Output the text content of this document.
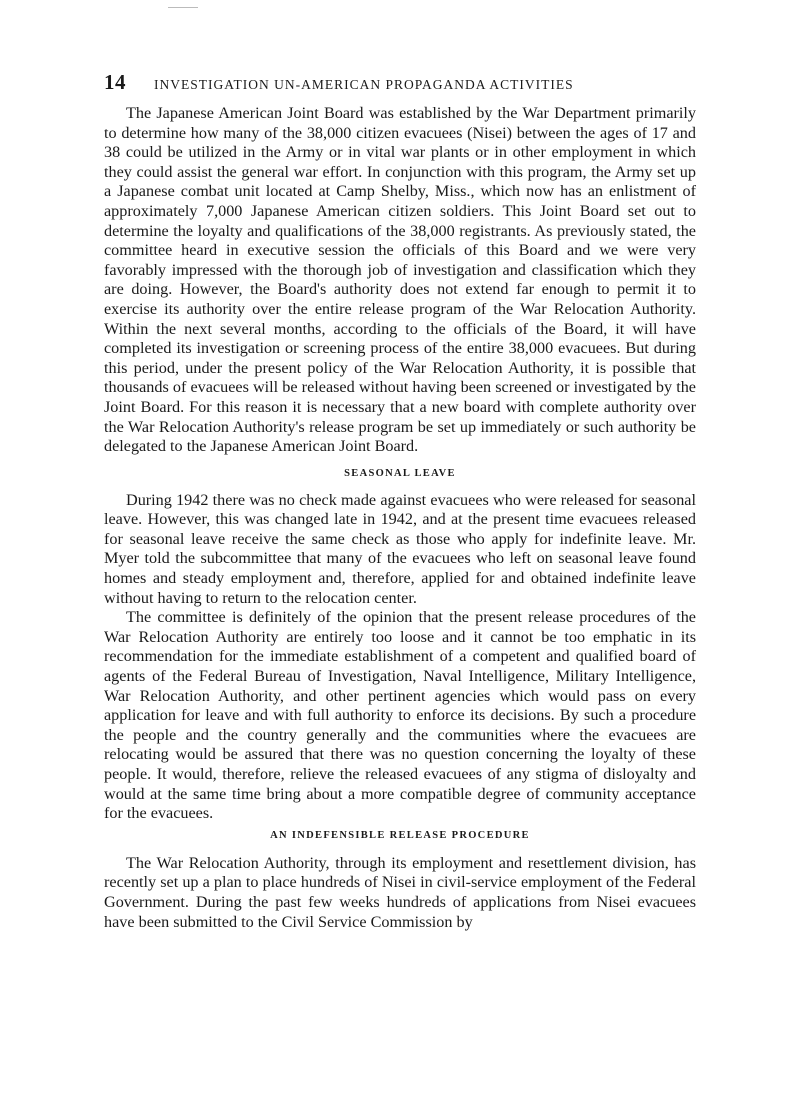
14 INVESTIGATION UN-AMERICAN PROPAGANDA ACTIVITIES

The Japanese American Joint Board was established by the War Department primarily to determine how many of the 38,000 citizen evacuees (Nisei) between the ages of 17 and 38 could be utilized in the Army or in vital war plants or in other employment in which they could assist the general war effort. In conjunction with this program, the Army set up a Japanese combat unit located at Camp Shelby, Miss., which now has an enlistment of approximately 7,000 Japanese American citizen soldiers. This Joint Board set out to determine the loyalty and qualifications of the 38,000 registrants. As previously stated, the committee heard in executive session the officials of this Board and we were very favorably impressed with the thorough job of investigation and classification which they are doing. However, the Board's authority does not extend far enough to permit it to exercise its authority over the entire release program of the War Relocation Authority. Within the next several months, according to the officials of the Board, it will have completed its investigation or screening process of the entire 38,000 evacuees. But during this period, under the present policy of the War Relocation Authority, it is possible that thousands of evacuees will be released without having been screened or investigated by the Joint Board. For this reason it is necessary that a new board with complete authority over the War Relocation Authority's release program be set up immediately or such authority be delegated to the Japanese American Joint Board.

SEASONAL LEAVE

During 1942 there was no check made against evacuees who were released for seasonal leave. However, this was changed late in 1942, and at the present time evacuees released for seasonal leave receive the same check as those who apply for indefinite leave. Mr. Myer told the subcommittee that many of the evacuees who left on seasonal leave found homes and steady employment and, therefore, applied for and obtained indefinite leave without having to return to the relocation center.

The committee is definitely of the opinion that the present release procedures of the War Relocation Authority are entirely too loose and it cannot be too emphatic in its recommendation for the immediate establishment of a competent and qualified board of agents of the Federal Bureau of Investigation, Naval Intelligence, Military Intelligence, War Relocation Authority, and other pertinent agencies which would pass on every application for leave and with full authority to enforce its decisions. By such a procedure the people and the country generally and the communities where the evacuees are relocating would be assured that there was no question concerning the loyalty of these people. It would, therefore, relieve the released evacuees of any stigma of disloyalty and would at the same time bring about a more compatible degree of community acceptance for the evacuees.

AN INDEFENSIBLE RELEASE PROCEDURE

The War Relocation Authority, through its employment and resettlement division, has recently set up a plan to place hundreds of Nisei in civil-service employment of the Federal Government. During the past few weeks hundreds of applications from Nisei evacuees have been submitted to the Civil Service Commission by
